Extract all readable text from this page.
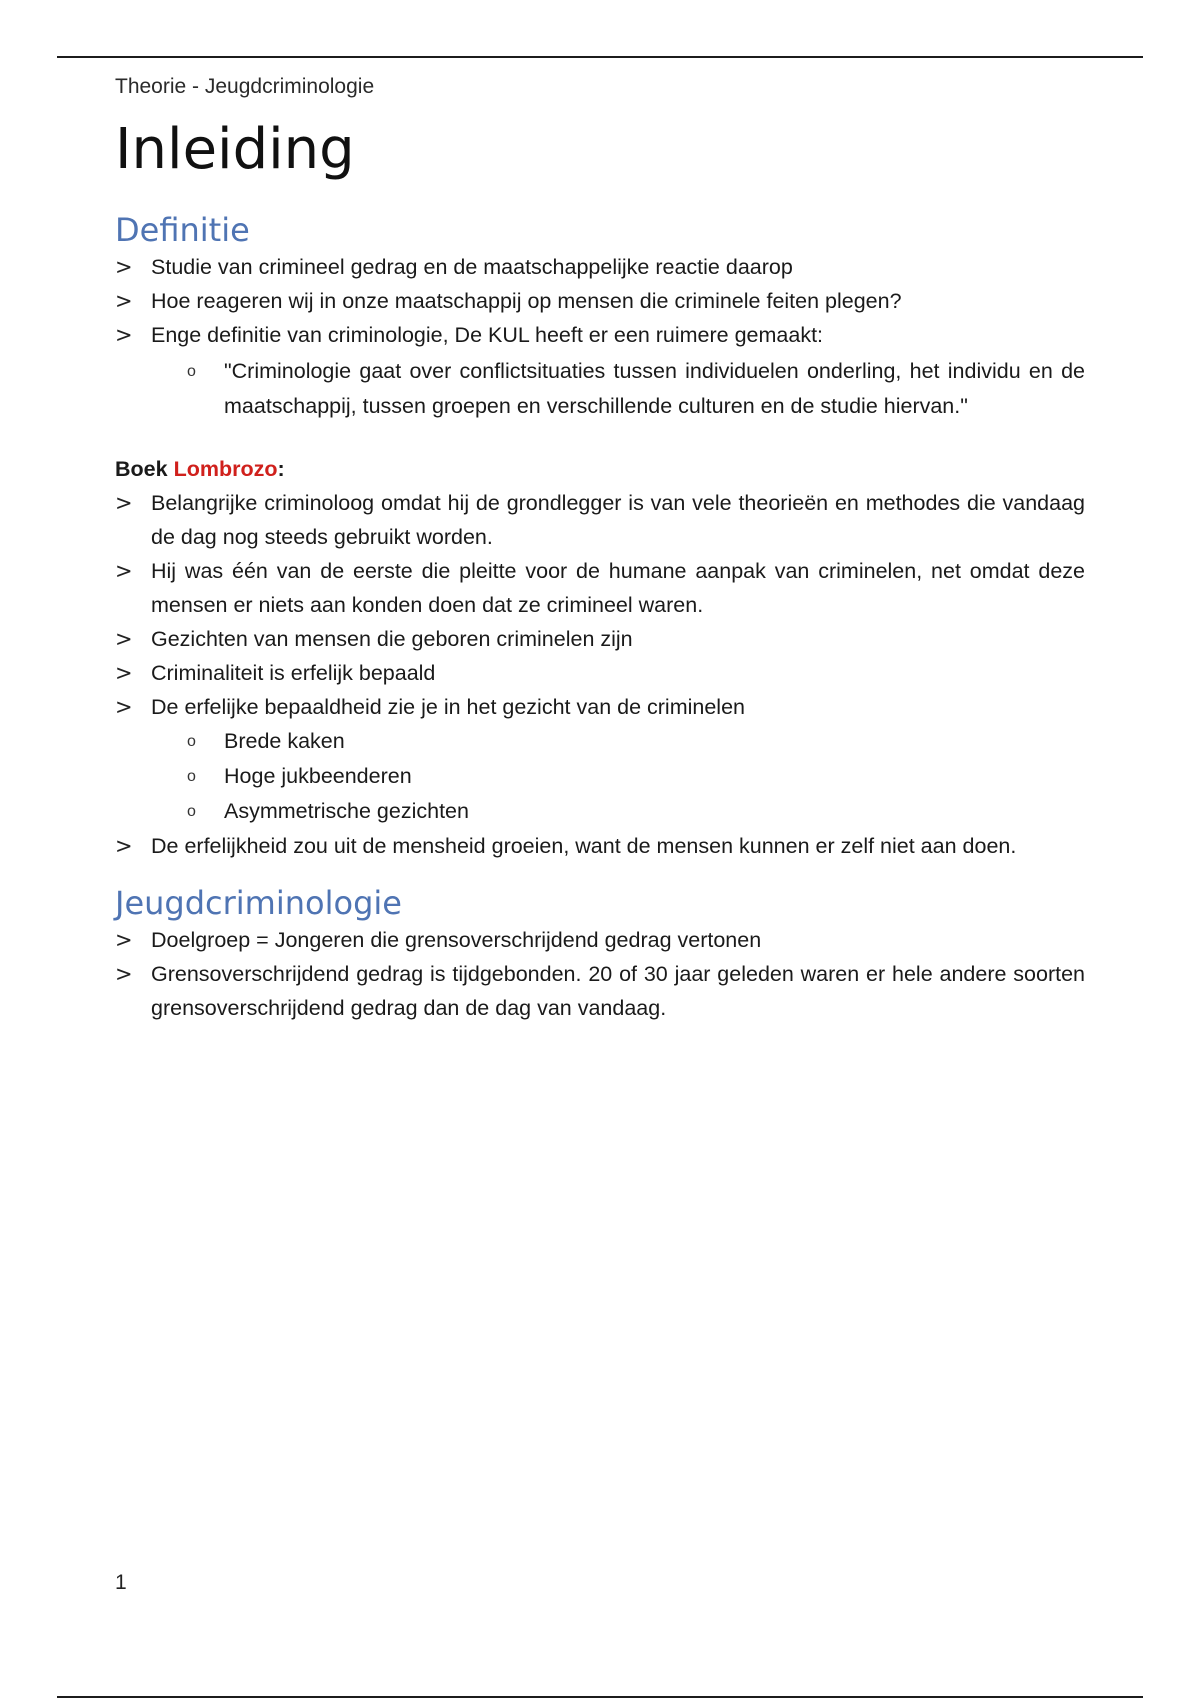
Theorie - Jeugdcriminologie

Inleiding
Definitie
> Studie van crimineel gedrag en de maatschappelijke reactie daarop
> Hoe reageren wij in onze maatschappij op mensen die criminele feiten plegen?
> Enge definitie van criminologie, De KUL heeft er een ruimere gemaakt:
o "Criminologie gaat over conflictsituaties tussen individuelen onderling, het individu en de maatschappij, tussen groepen en verschillende culturen en de studie hiervan."

Boek Lombrozo:

> Belangrijke criminoloog omdat hij de grondlegger is van vele theorieën en methodes die vandaag de dag nog steeds gebruikt worden.
> Hij was één van de eerste die pleitte voor de humane aanpak van criminelen, net omdat deze mensen er niets aan konden doen dat ze crimineel waren.
> Gezichten van mensen die geboren criminelen zijn
> Criminaliteit is erfelijk bepaald
> De erfelijke bepaaldheid zie je in het gezicht van de criminelen
o Brede kaken
o Hoge jukbeenderen
o Asymmetrische gezichten
> De erfelijkheid zou uit de mensheid groeien, want de mensen kunnen er zelf niet aan doen.
Jeugdcriminologie
> Doelgroep = Jongeren die grensoverschrijdend gedrag vertonen
> Grensoverschrijdend gedrag is tijdgebonden. 20 of 30 jaar geleden waren er hele andere soorten grensoverschrijdend gedrag dan de dag van vandaag.
1
